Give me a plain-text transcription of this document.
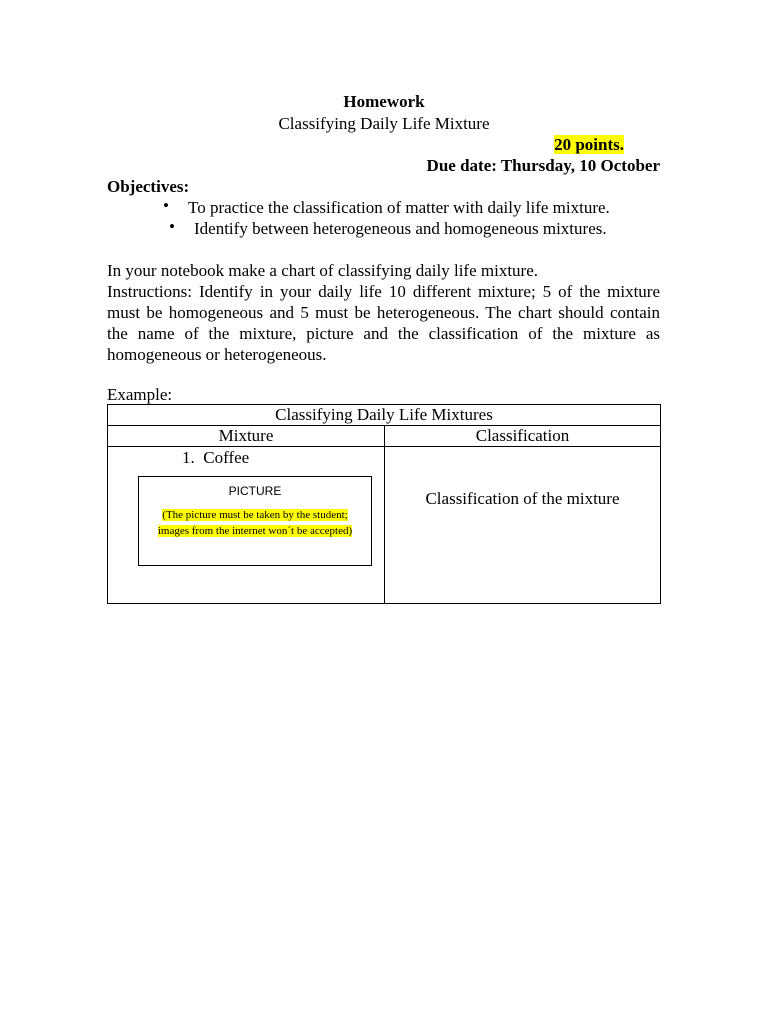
Homework
Classifying Daily Life Mixture
20 points.
Due date: Thursday, 10 October
Objectives:
• To practice the classification of matter with daily life mixture.
• Identify between heterogeneous and homogeneous mixtures.
In your notebook make a chart of classifying daily life mixture.
Instructions: Identify in your daily life 10 different mixture; 5 of the mixture must be homogeneous and 5 must be heterogeneous. The chart should contain the name of the mixture, picture and the classification of the mixture as homogeneous or heterogeneous.
Example:
Classifying Daily Life Mixtures	
Mixture	Classification

1. Coffee
PICTURE
(The picture must be taken by the student;
images from the internet won´t be accepted)	Classification of the mixture
